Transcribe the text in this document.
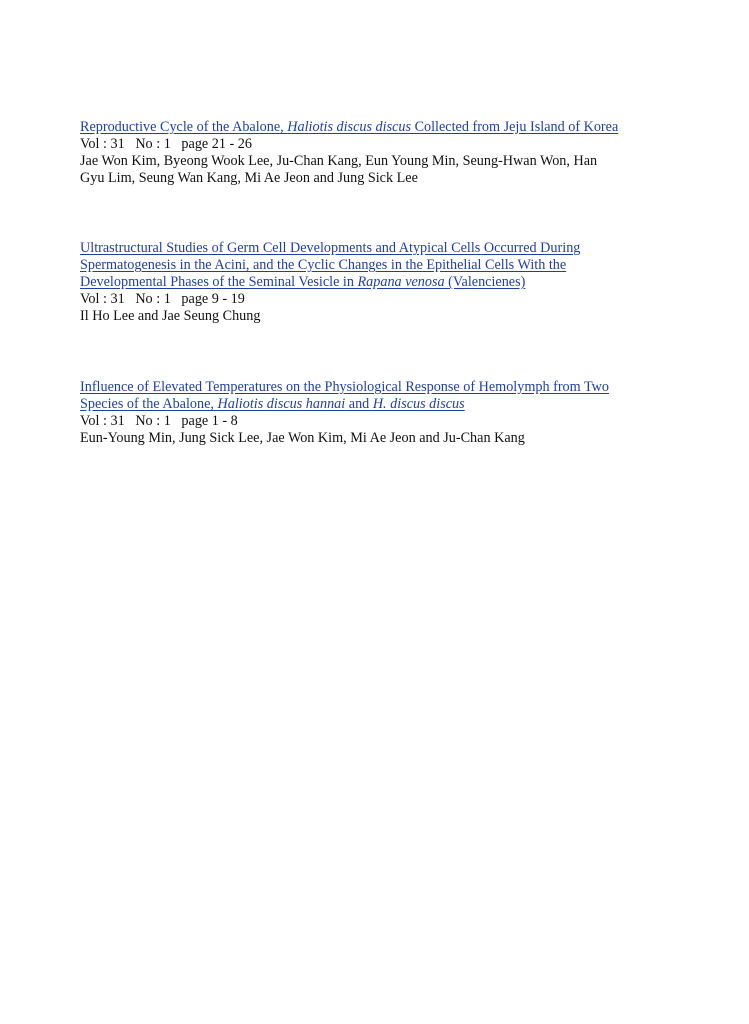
Reproductive Cycle of the Abalone, Haliotis discus discus Collected from Jeju Island of Korea
Vol : 31   No : 1   page 21 - 26
Jae Won Kim, Byeong Wook Lee, Ju-Chan Kang, Eun Young Min, Seung-Hwan Won, Han
Gyu Lim, Seung Wan Kang, Mi Ae Jeon and Jung Sick Lee
Ultrastructural Studies of Germ Cell Developments and Atypical Cells Occurred During
Spermatogenesis in the Acini, and the Cyclic Changes in the Epithelial Cells With the
Developmental Phases of the Seminal Vesicle in Rapana venosa (Valencienes)
Vol : 31   No : 1   page 9 - 19
Il Ho Lee and Jae Seung Chung
Influence of Elevated Temperatures on the Physiological Response of Hemolymph from Two
Species of the Abalone, Haliotis discus hannai and H. discus discus
Vol : 31   No : 1   page 1 - 8
Eun-Young Min, Jung Sick Lee, Jae Won Kim, Mi Ae Jeon and Ju-Chan Kang
